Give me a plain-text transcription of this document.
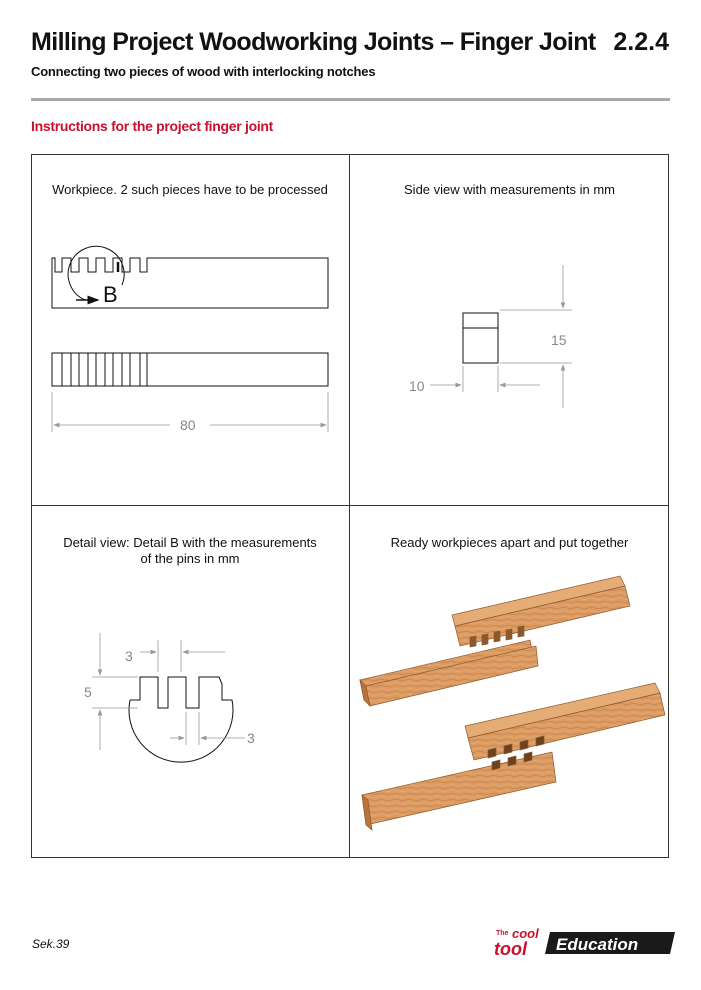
Milling Project Woodworking Joints – Finger Joint 2.2.4
Connecting two pieces of wood with interlocking notches
Instructions for the project finger joint
Workpiece. 2 such pieces have to be processed	Side view with measurements in mm
Detail view: Detail B with the measurements
of the pins in mm
Ready workpieces apart and put together
B
80
15
10
3
5
3
Sek.39
The cool
tool Education
